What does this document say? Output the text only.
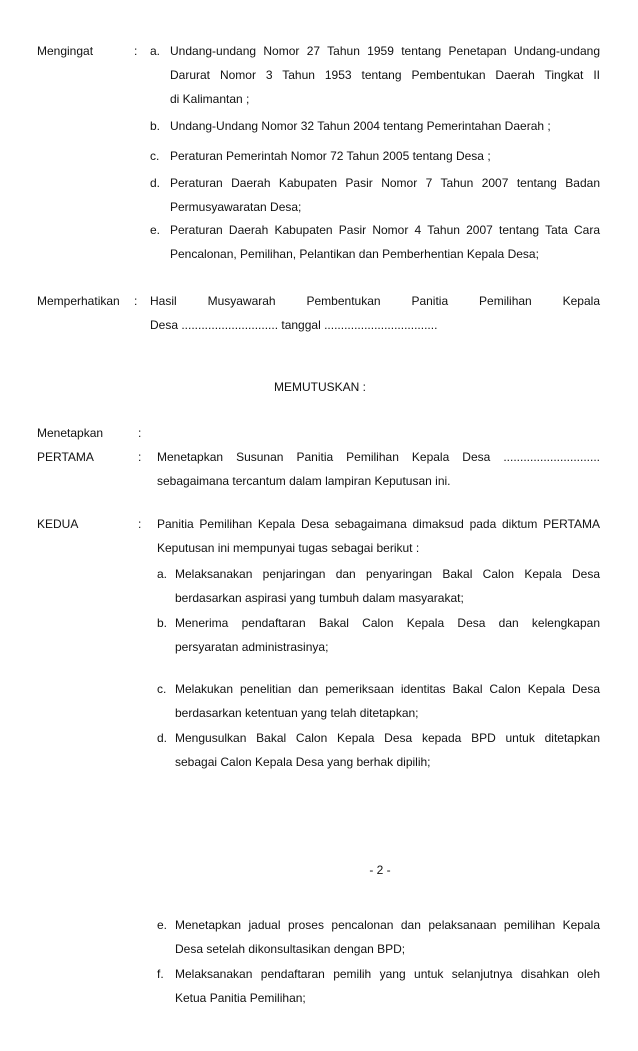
Mengingat	: a. Undang-undang Nomor 27 Tahun 1959 tentang Penetapan Undang-undang
Darurat Nomor 3 Tahun 1953 tentang Pembentukan Daerah Tingkat II
di Kalimantan ;
b. Undang-Undang Nomor 32 Tahun 2004 tentang Pemerintahan Daerah ;
c. Peraturan Pemerintah Nomor 72 Tahun 2005 tentang Desa ;
d. Peraturan Daerah Kabupaten Pasir Nomor 7 Tahun 2007 tentang Badan
Permusyawaratan Desa;
e. Peraturan Daerah Kabupaten Pasir Nomor 4 Tahun 2007 tentang Tata Cara
Pencalonan, Pemilihan, Pelantikan dan Pemberhentian Kepala Desa;
Memperhatikan : Hasil Musyawarah Pembentukan Panitia Pemilihan Kepala
Desa ............................. tanggal ..................................
MEMUTUSKAN :
Menetapkan	:
PERTAMA	: Menetapkan Susunan Panitia Pemilihan Kepala Desa .............................
sebagaimana tercantum dalam lampiran Keputusan ini.
KEDUA	: Panitia Pemilihan Kepala Desa sebagaimana dimaksud pada diktum PERTAMA
Keputusan ini mempunyai tugas sebagai berikut :
a. Melaksanakan penjaringan dan penyaringan Bakal Calon Kepala Desa
berdasarkan aspirasi yang tumbuh dalam masyarakat;
b. Menerima pendaftaran Bakal Calon Kepala Desa dan kelengkapan
persyaratan administrasinya;
c. Melakukan penelitian dan pemeriksaan identitas Bakal Calon Kepala Desa
berdasarkan ketentuan yang telah ditetapkan;
d. Mengusulkan Bakal Calon Kepala Desa kepada BPD untuk ditetapkan
sebagai Calon Kepala Desa yang berhak dipilih;
- 2 -
e. Menetapkan jadual proses pencalonan dan pelaksanaan pemilihan Kepala
Desa setelah dikonsultasikan dengan BPD;
f. Melaksanakan pendaftaran pemilih yang untuk selanjutnya disahkan oleh
Ketua Panitia Pemilihan;
